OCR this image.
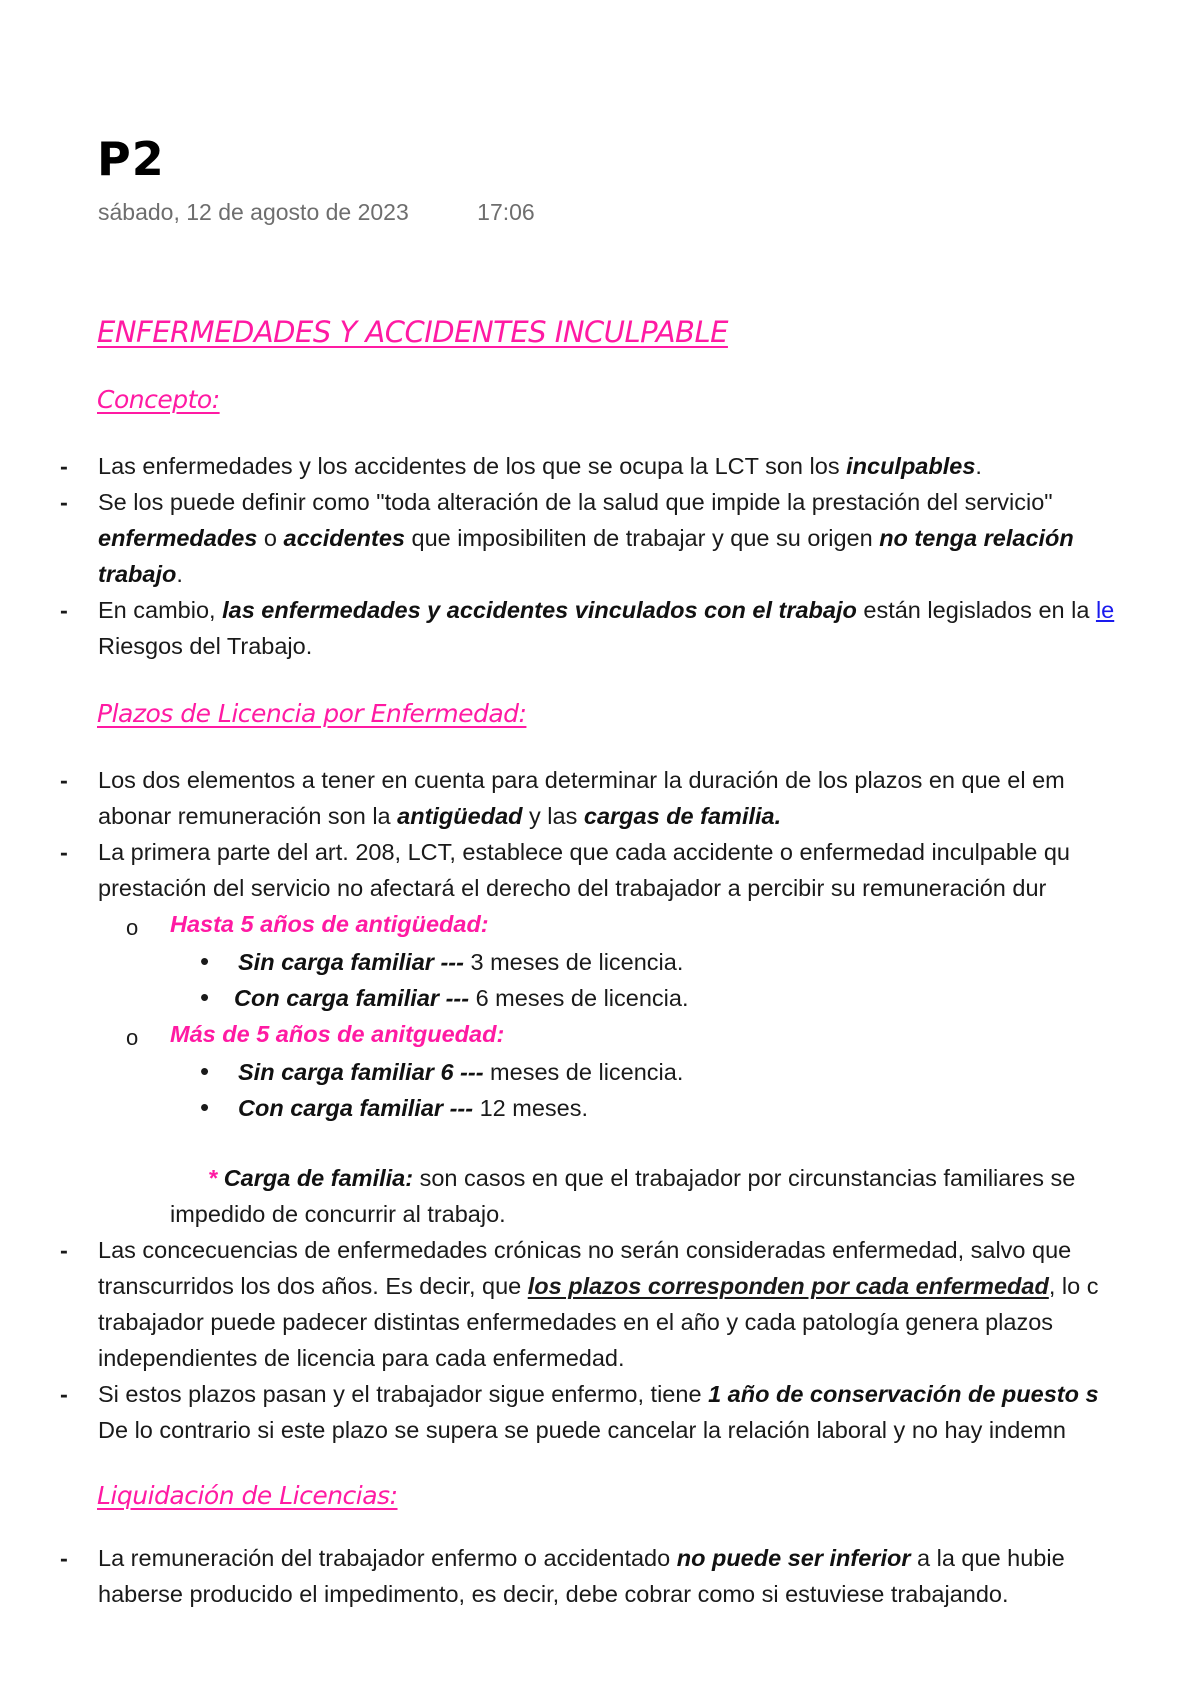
P2
sábado, 12 de agosto de 2023	17:06
ENFERMEDADES Y ACCIDENTES INCULPABLE
Concepto:
-	Las enfermedades y los accidentes de los que se ocupa la LCT son los inculpables.
-	Se los puede definir como "toda alteración de la salud que impide la prestación del servicio"
enfermedades o accidentes que imposibiliten de trabajar y que su origen no tenga relación
trabajo.
-	En cambio, las enfermedades y accidentes vinculados con el trabajo están legislados en la le
Riesgos del Trabajo.
Plazos de Licencia por Enfermedad:
-	Los dos elementos a tener en cuenta para determinar la duración de los plazos en que el em
abonar remuneración son la antigüedad y las cargas de familia.
-	La primera parte del art. 208, LCT, establece que cada accidente o enfermedad inculpable qu
prestación del servicio no afectará el derecho del trabajador a percibir su remuneración dur
o Hasta 5 años de antigüedad:
• Sin carga familiar --- 3 meses de licencia.
• Con carga familiar --- 6 meses de licencia.
o Más de 5 años de anitguedad:
• Sin carga familiar 6 --- meses de licencia.
• Con carga familiar --- 12 meses.
* Carga de familia: son casos en que el trabajador por circunstancias familiares se
impedido de concurrir al trabajo.
-	Las concecuencias de enfermedades crónicas no serán consideradas enfermedad, salvo que
transcurridos los dos años. Es decir, que los plazos corresponden por cada enfermedad, lo c
trabajador puede padecer distintas enfermedades en el año y cada patología genera plazos
independientes de licencia para cada enfermedad.
-	Si estos plazos pasan y el trabajador sigue enfermo, tiene 1 año de conservación de puesto s
De lo contrario si este plazo se supera se puede cancelar la relación laboral y no hay indemn
Liquidación de Licencias:
-	La remuneración del trabajador enfermo o accidentado no puede ser inferior a la que hubie
haberse producido el impedimento, es decir, debe cobrar como si estuviese trabajando.
